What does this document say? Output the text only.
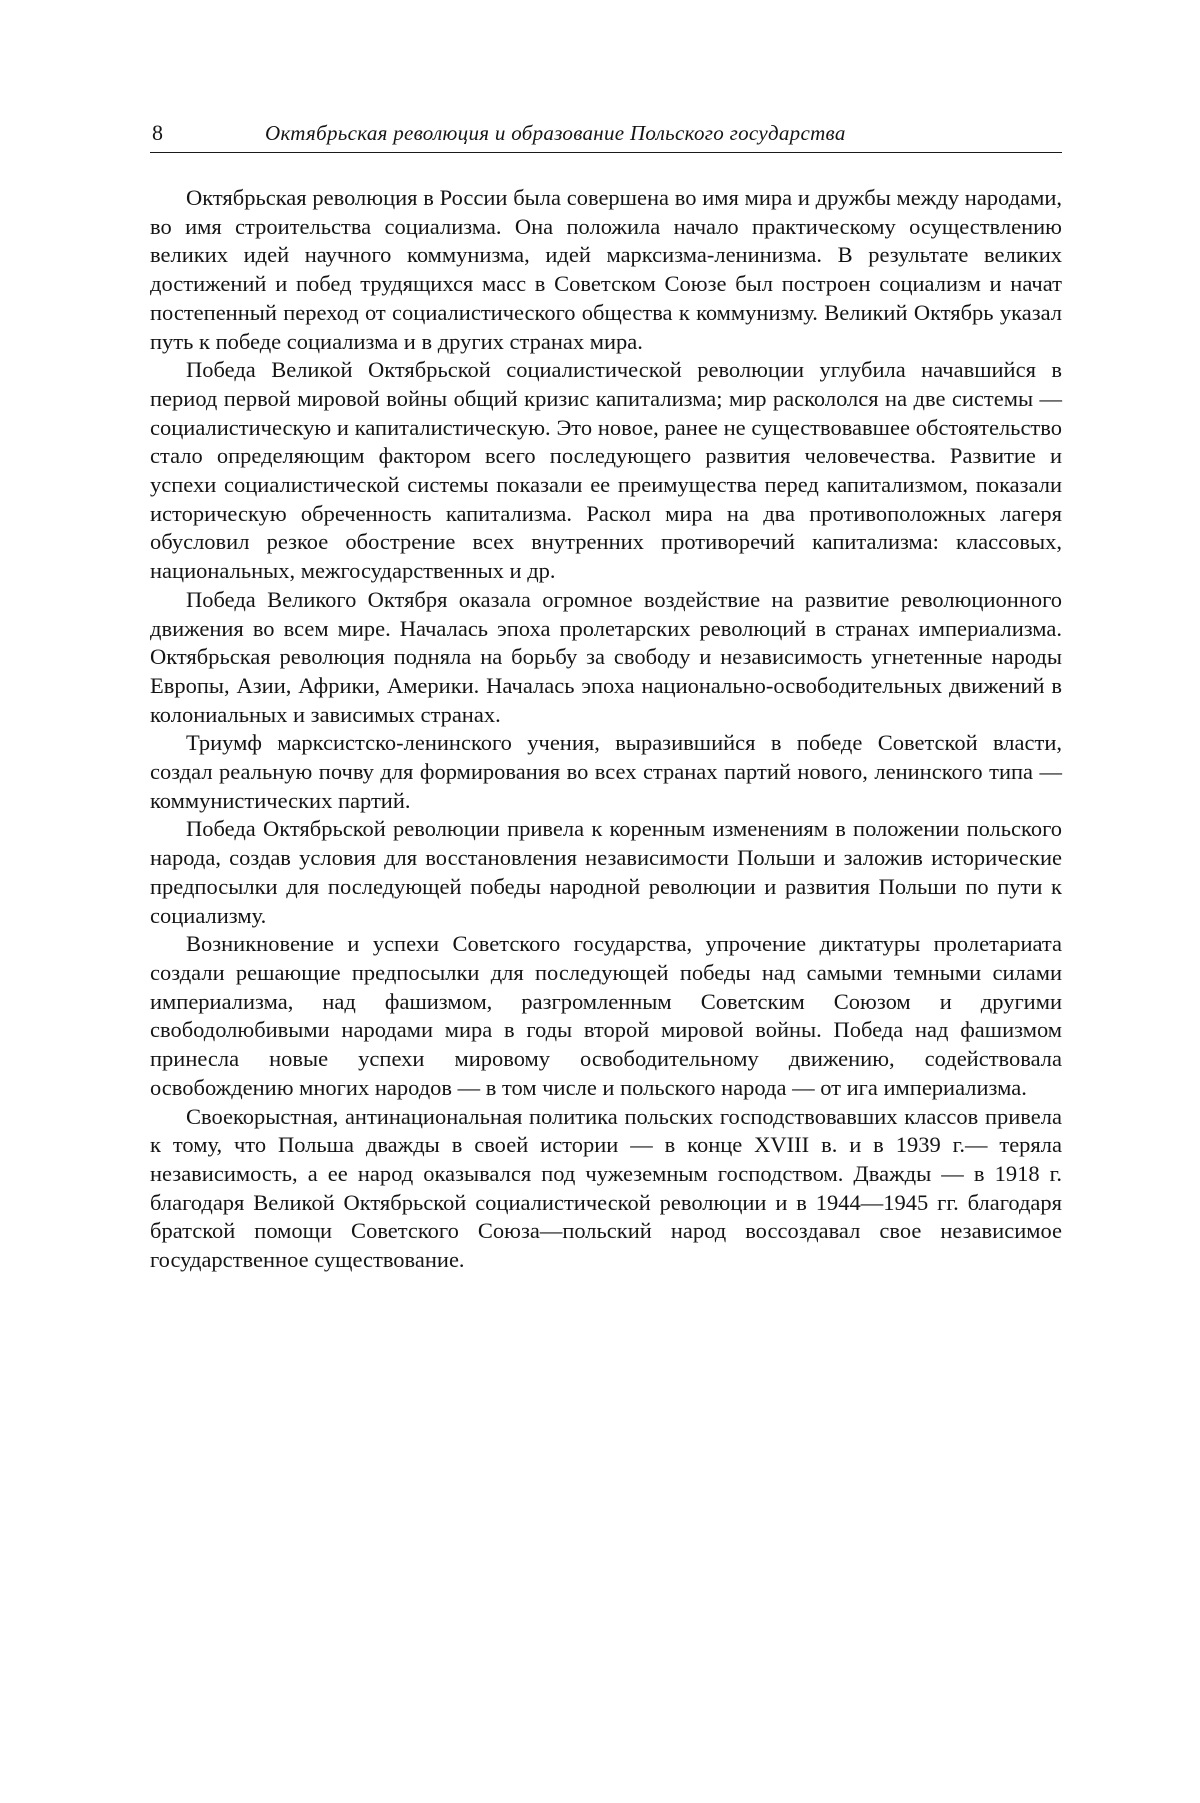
8	Октябрьская революция и образование Польского государства

Октябрьская революция в России была совершена во имя мира и дружбы между народами, во имя строительства социализма. Она положила начало практическому осуществлению великих идей научного коммунизма, идей марксизма-ленинизма. В результате великих достижений и побед трудящихся масс в Советском Союзе был построен социализм и начат постепенный переход от социалистического общества к коммунизму. Великий Октябрь указал путь к победе социализма и в других странах мира.

Победа Великой Октябрьской социалистической революции углубила начавшийся в период первой мировой войны общий кризис капитализма; мир раскололся на две системы — социалистическую и капиталистическую. Это новое, ранее не существовавшее обстоятельство стало определяющим фактором всего последующего развития человечества. Развитие и успехи социалистической системы показали ее преимущества перед капитализмом, показали историческую обреченность капитализма. Раскол мира на два противоположных лагеря обусловил резкое обострение всех внутренних противоречий капитализма: классовых, национальных, межгосударственных и др.

Победа Великого Октября оказала огромное воздействие на развитие революционного движения во всем мире. Началась эпоха пролетарских революций в странах империализма. Октябрьская революция подняла на борьбу за свободу и независимость угнетенные народы Европы, Азии, Африки, Америки. Началась эпоха национально-освободительных движений в колониальных и зависимых странах.

Триумф марксистско-ленинского учения, выразившийся в победе Советской власти, создал реальную почву для формирования во всех странах партий нового, ленинского типа — коммунистических партий.

Победа Октябрьской революции привела к коренным изменениям в положении польского народа, создав условия для восстановления независимости Польши и заложив исторические предпосылки для последующей победы народной революции и развития Польши по пути к социализму.

Возникновение и успехи Советского государства, упрочение диктатуры пролетариата создали решающие предпосылки для последующей победы над самыми темными силами империализма, над фашизмом, разгромленным Советским Союзом и другими свободолюбивыми народами мира в годы второй мировой войны. Победа над фашизмом принесла новые успехи мировому освободительному движению, содействовала освобождению многих народов — в том числе и польского народа — от ига империализма.

Своекорыстная, антинациональная политика польских господствовавших классов привела к тому, что Польша дважды в своей истории — в конце XVIII в. и в 1939 г.— теряла независимость, а ее народ оказывался под чужеземным господством. Дважды — в 1918 г. благодаря Великой Октябрьской социалистической революции и в 1944—1945 гг. благодаря братской помощи Советского Союза—польский народ воссоздавал свое независимое государственное существование.
